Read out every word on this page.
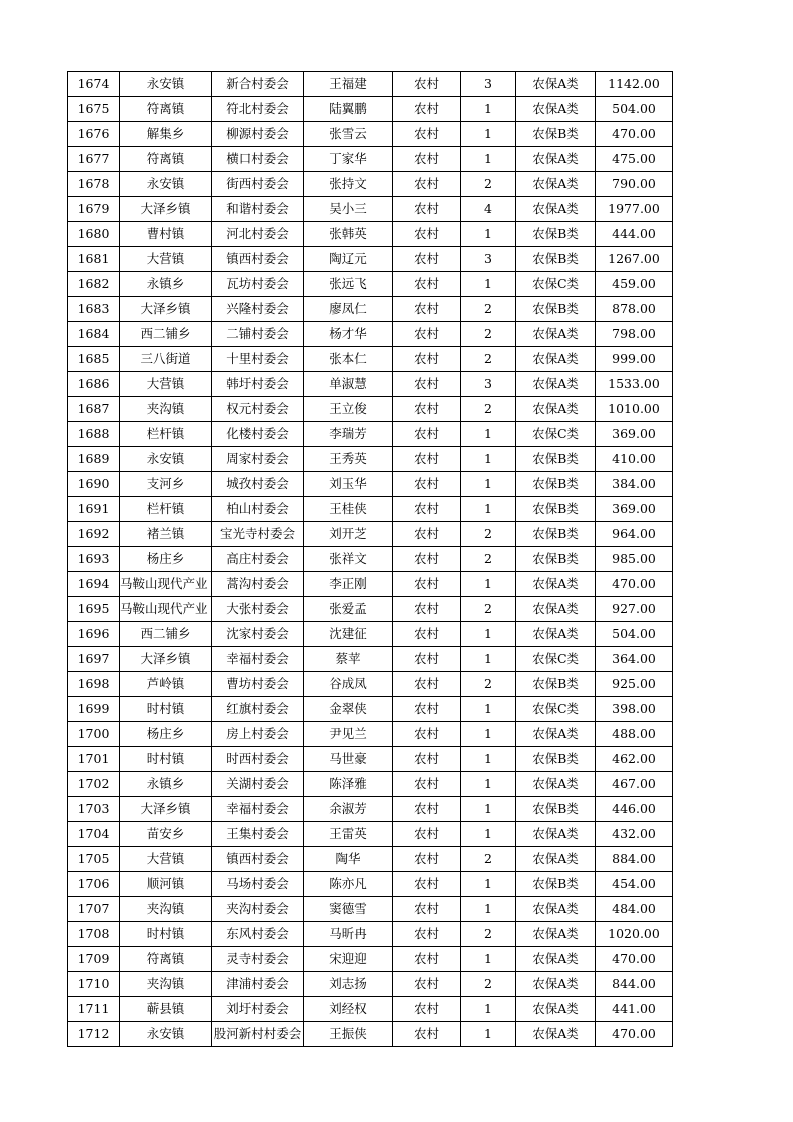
1674	永安镇	新合村委会	王福建	农村	3	农保A类	1142.00
1675	符离镇	符北村委会	陆翼鹏	农村	1	农保A类	504.00
1676	解集乡	柳源村委会	张雪云	农村	1	农保B类	470.00
1677	符离镇	横口村委会	丁家华	农村	1	农保A类	475.00
1678	永安镇	街西村委会	张持文	农村	2	农保A类	790.00
1679	大泽乡镇	和谐村委会	吴小三	农村	4	农保A类	1977.00
1680	曹村镇	河北村委会	张韩英	农村	1	农保B类	444.00
1681	大营镇	镇西村委会	陶辽元	农村	3	农保B类	1267.00
1682	永镇乡	瓦坊村委会	张远飞	农村	1	农保C类	459.00
1683	大泽乡镇	兴隆村委会	廖凤仁	农村	2	农保B类	878.00
1684	西二铺乡	二铺村委会	杨才华	农村	2	农保A类	798.00
1685	三八街道	十里村委会	张本仁	农村	2	农保A类	999.00
1686	大营镇	韩圩村委会	单淑慧	农村	3	农保A类	1533.00
1687	夹沟镇	权元村委会	王立俊	农村	2	农保A类	1010.00
1688	栏杆镇	化楼村委会	李瑞芳	农村	1	农保C类	369.00
1689	永安镇	周家村委会	王秀英	农村	1	农保B类	410.00
1690	支河乡	城孜村委会	刘玉华	农村	1	农保B类	384.00
1691	栏杆镇	柏山村委会	王桂侠	农村	1	农保B类	369.00
1692	褚兰镇	宝光寺村委会	刘开芝	农村	2	农保B类	964.00
1693	杨庄乡	高庄村委会	张祥文	农村	2	农保B类	985.00
1694	马鞍山现代产业	蒿沟村委会	李正刚	农村	1	农保A类	470.00
1695	马鞍山现代产业	大张村委会	张爱孟	农村	2	农保A类	927.00
1696	西二铺乡	沈家村委会	沈建征	农村	1	农保A类	504.00
1697	大泽乡镇	幸福村委会	蔡苹	农村	1	农保C类	364.00
1698	芦岭镇	曹坊村委会	谷成凤	农村	2	农保B类	925.00
1699	时村镇	红旗村委会	金翠侠	农村	1	农保C类	398.00
1700	杨庄乡	房上村委会	尹见兰	农村	1	农保A类	488.00
1701	时村镇	时西村委会	马世豪	农村	1	农保B类	462.00
1702	永镇乡	关湖村委会	陈泽雅	农村	1	农保A类	467.00
1703	大泽乡镇	幸福村委会	余淑芳	农村	1	农保B类	446.00
1704	苗安乡	王集村委会	王雷英	农村	1	农保A类	432.00
1705	大营镇	镇西村委会	陶华	农村	2	农保A类	884.00
1706	顺河镇	马场村委会	陈亦凡	农村	1	农保B类	454.00
1707	夹沟镇	夹沟村委会	窦德雪	农村	1	农保A类	484.00
1708	时村镇	东风村委会	马昕冉	农村	2	农保A类	1020.00
1709	符离镇	灵寺村委会	宋迎迎	农村	1	农保A类	470.00
1710	夹沟镇	津浦村委会	刘志扬	农村	2	农保A类	844.00
1711	蕲县镇	刘圩村委会	刘经权	农村	1	农保A类	441.00
1712	永安镇	股河新村村委会	王振侠	农村	1	农保A类	470.00
